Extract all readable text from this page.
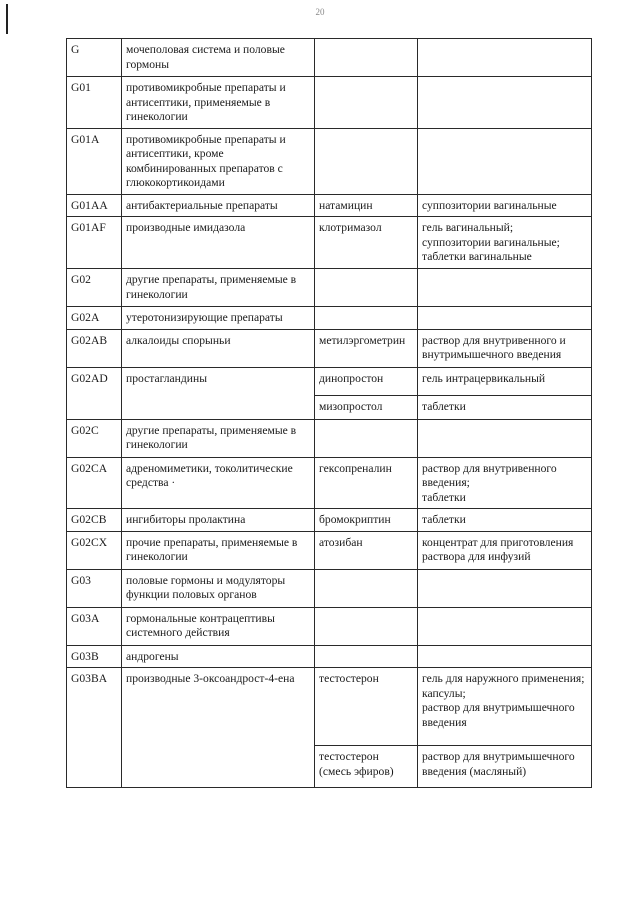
20
G	мочеполовая система и половые гормоны		
G01	противомикробные препараты и антисептики, применяемые в гинекологии		
G01A	противомикробные препараты и антисептики, кроме комбинированных препаратов с глюкокортикоидами		
G01AA	антибактериальные препараты	натамицин	суппозитории вагинальные
G01AF	производные имидазола	клотримазол	гель вагинальный;
суппозитории вагинальные;
таблетки вагинальные
G02	другие препараты, применяемые в гинекологии		
G02A	утеротонизирующие препараты		
G02AB	алкалоиды спорыньи	метилэргометрин	раствор для внутривенного и внутримышечного введения
G02AD	простагландины	динопростон	гель интрацервикальный
		мизопростол	таблетки
G02C	другие препараты, применяемые в гинекологии		
G02CA	адреномиметики, токолитические средства ·	гексопреналин	раствор для внутривенного введения;
таблетки
G02CB	ингибиторы пролактина	бромокриптин	таблетки
G02CX	прочие препараты, применяемые в гинекологии	атозибан	концентрат для приготовления раствора для инфузий
G03	половые гормоны и модуляторы функции половых органов		
G03A	гормональные контрацептивы системного действия		
G03B	андрогены		
G03BA	производные 3-оксоандрост-4-ена	тестостерон	гель для наружного применения;
капсулы;
раствор для внутримышечного введения
		тестостерон (смесь эфиров)	раствор для внутримышечного введения (масляный)
